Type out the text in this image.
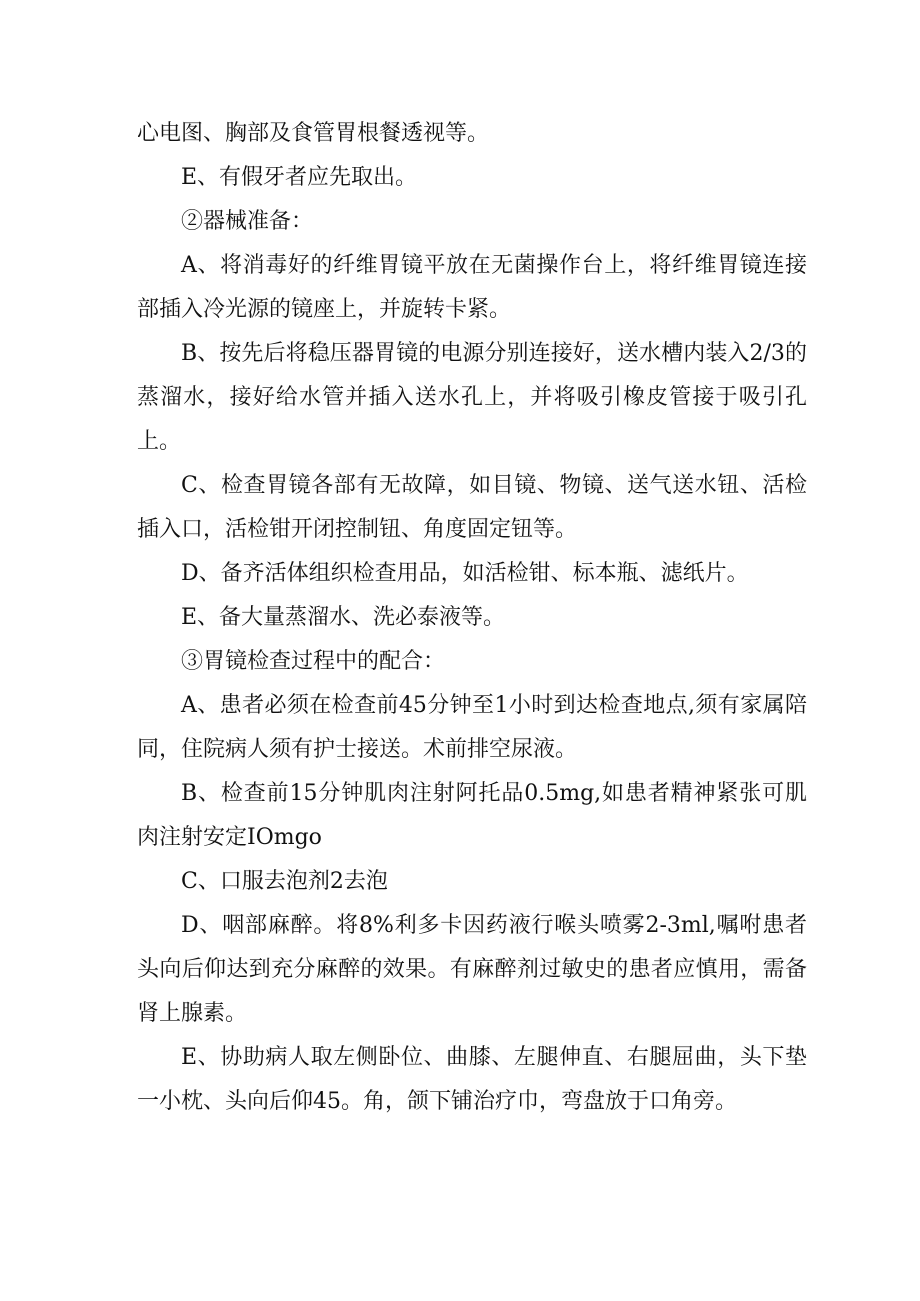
心电图、胸部及食管胃根餐透视等。

E、有假牙者应先取出。

②器械准备：

A、将消毒好的纤维胃镜平放在无菌操作台上，将纤维胃镜连接部插入冷光源的镜座上，并旋转卡紧。

B、按先后将稳压器胃镜的电源分别连接好，送水槽内装入2/3的蒸溜水，接好给水管并插入送水孔上，并将吸引橡皮管接于吸引孔上。

C、检查胃镜各部有无故障，如目镜、物镜、送气送水钮、活检插入口，活检钳开闭控制钮、角度固定钮等。

D、备齐活体组织检查用品，如活检钳、标本瓶、滤纸片。

E、备大量蒸溜水、洗必泰液等。

③胃镜检查过程中的配合：

A、患者必须在检查前45分钟至1小时到达检查地点,须有家属陪同，住院病人须有护士接送。术前排空尿液。

B、检查前15分钟肌肉注射阿托品0.5mg,如患者精神紧张可肌肉注射安定IOmgo

C、口服去泡剂2去泡

D、咽部麻醉。将8%利多卡因药液行喉头喷雾2-3ml,嘱咐患者头向后仰达到充分麻醉的效果。有麻醉剂过敏史的患者应慎用，需备肾上腺素。

E、协助病人取左侧卧位、曲膝、左腿伸直、右腿屈曲，头下垫一小枕、头向后仰45。角，颌下铺治疗巾，弯盘放于口角旁。
